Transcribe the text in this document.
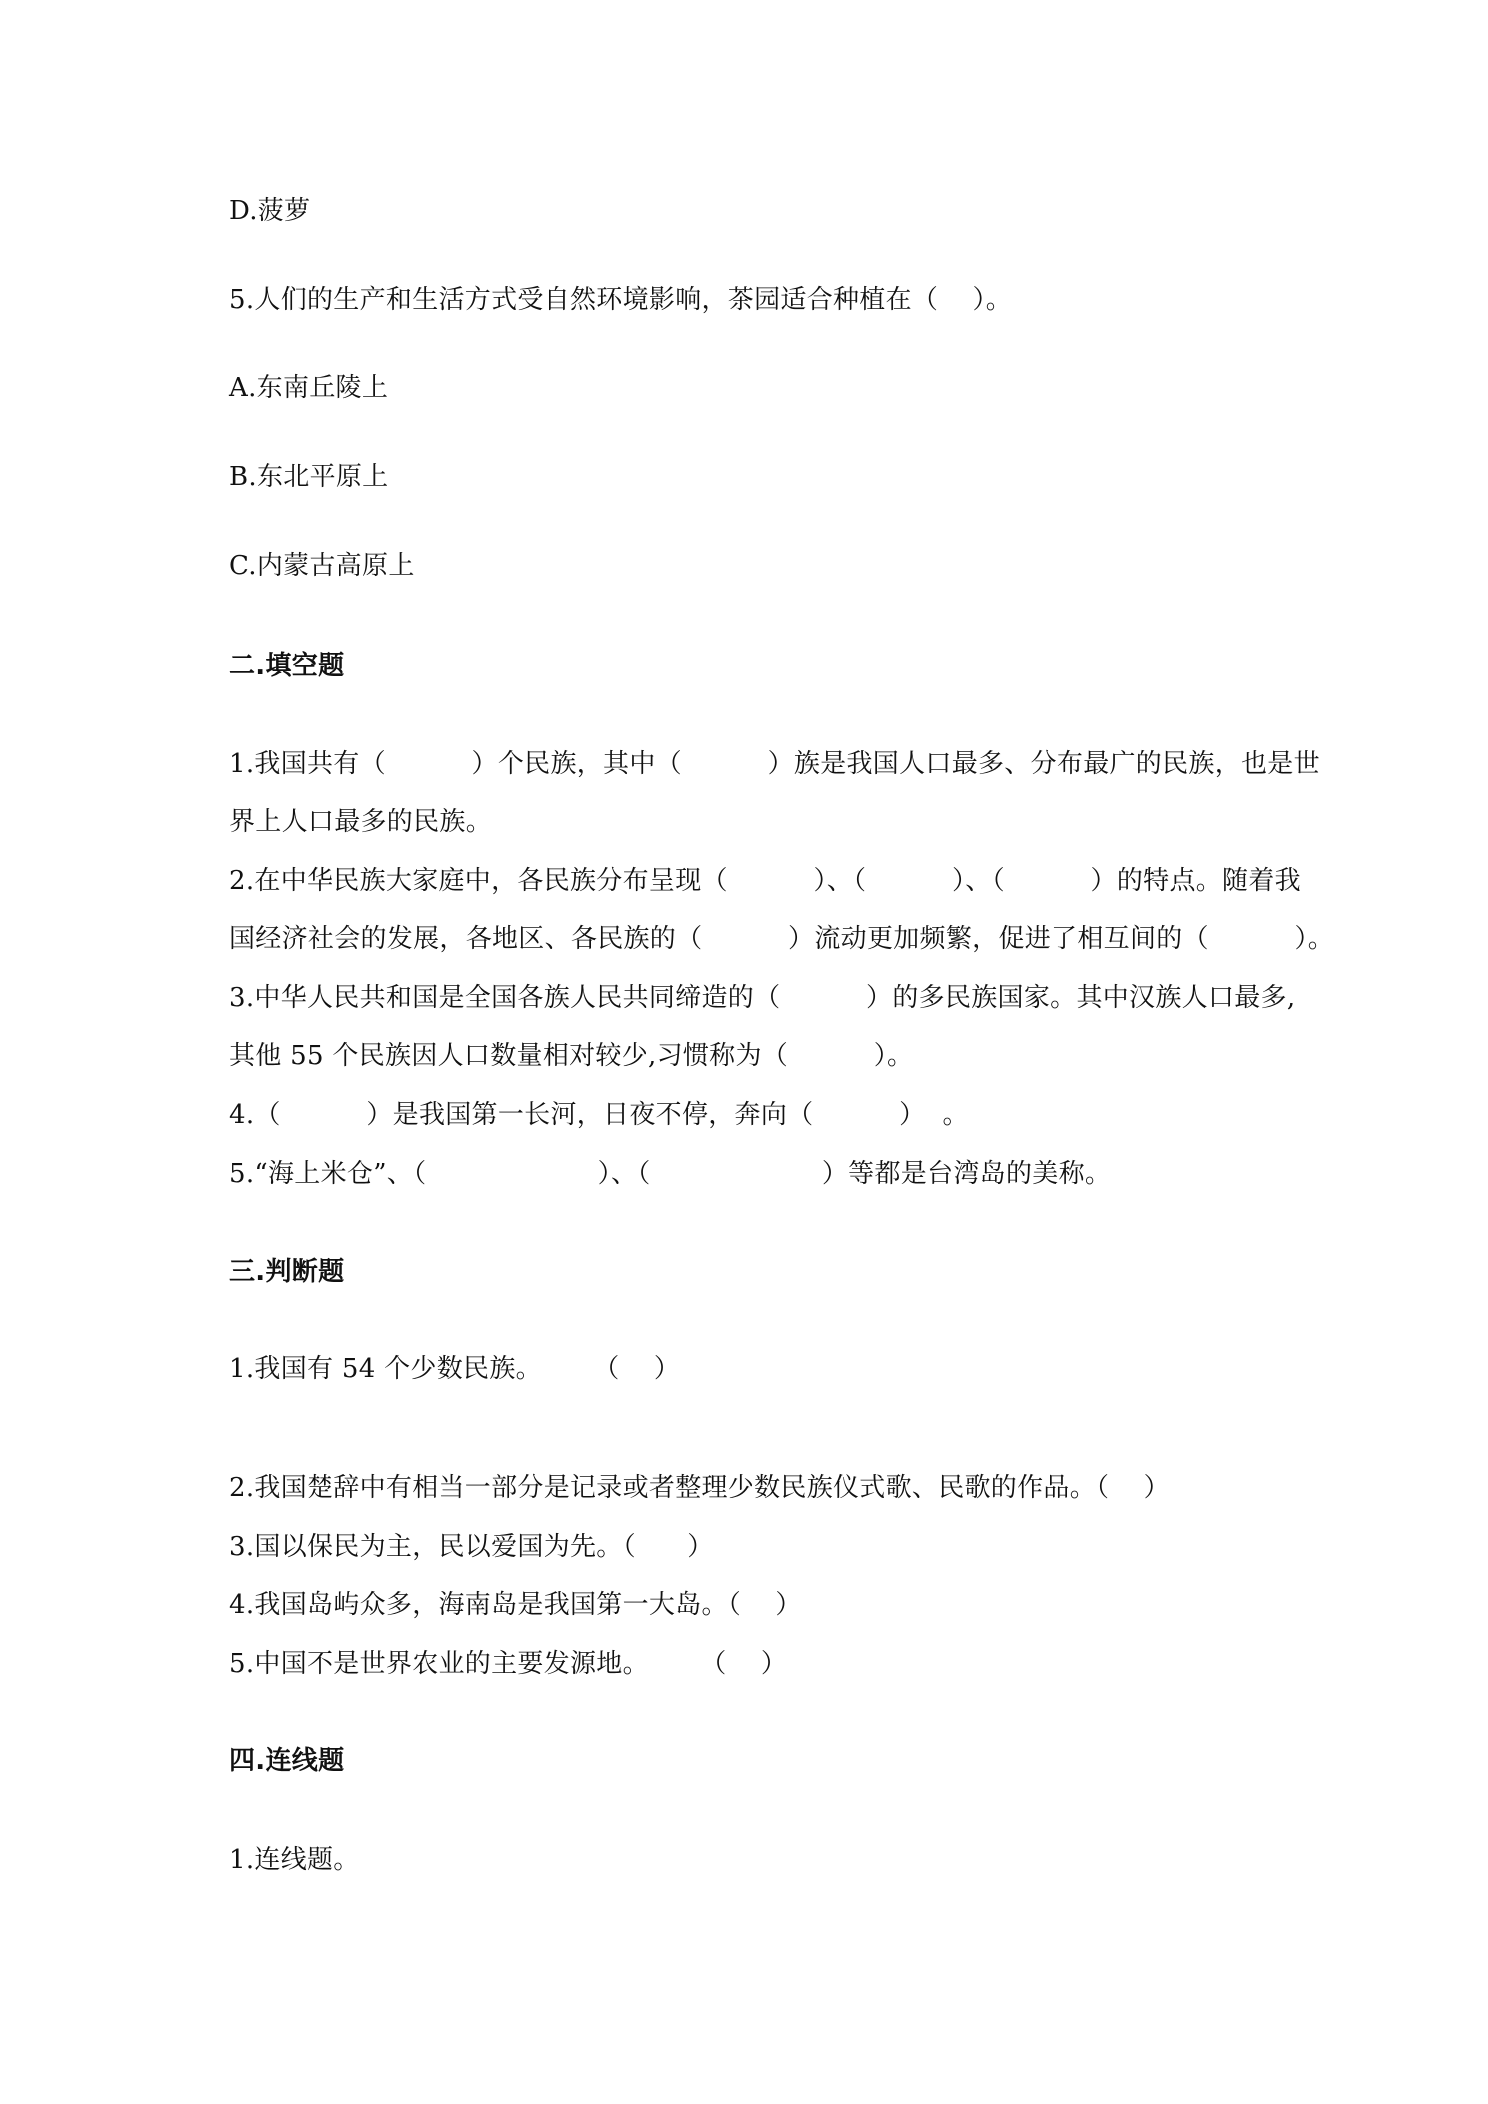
D.菠萝
5.人们的生产和生活方式受自然环境影响，茶园适合种植在（    ）。
A.东南丘陵上
B.东北平原上
C.内蒙古高原上
二.填空题
1.我国共有（          ）个民族，其中（          ）族是我国人口最多、分布最广的民族，也是世
界上人口最多的民族。
2.在中华民族大家庭中，各民族分布呈现（          ）、（          ）、（          ）的特点。随着我
国经济社会的发展，各地区、各民族的（          ）流动更加频繁，促进了相互间的（          ）。
3.中华人民共和国是全国各族人民共同缔造的（          ）的多民族国家。其中汉族人口最多,
其他 55 个民族因人口数量相对较少,习惯称为（          ）。
4.（          ）是我国第一长河，日夜不停，奔向（          ）  。
5.“海上米仓”、（                    ）、（                    ）等都是台湾岛的美称。
三.判断题
1.我国有 54 个少数民族。      （    ）
2.我国楚辞中有相当一部分是记录或者整理少数民族仪式歌、民歌的作品。（    ）
3.国以保民为主，民以爱国为先。（      ）
4.我国岛屿众多，海南岛是我国第一大岛。（    ）
5.中国不是世界农业的主要发源地。      （    ）
四.连线题
1.连线题。
